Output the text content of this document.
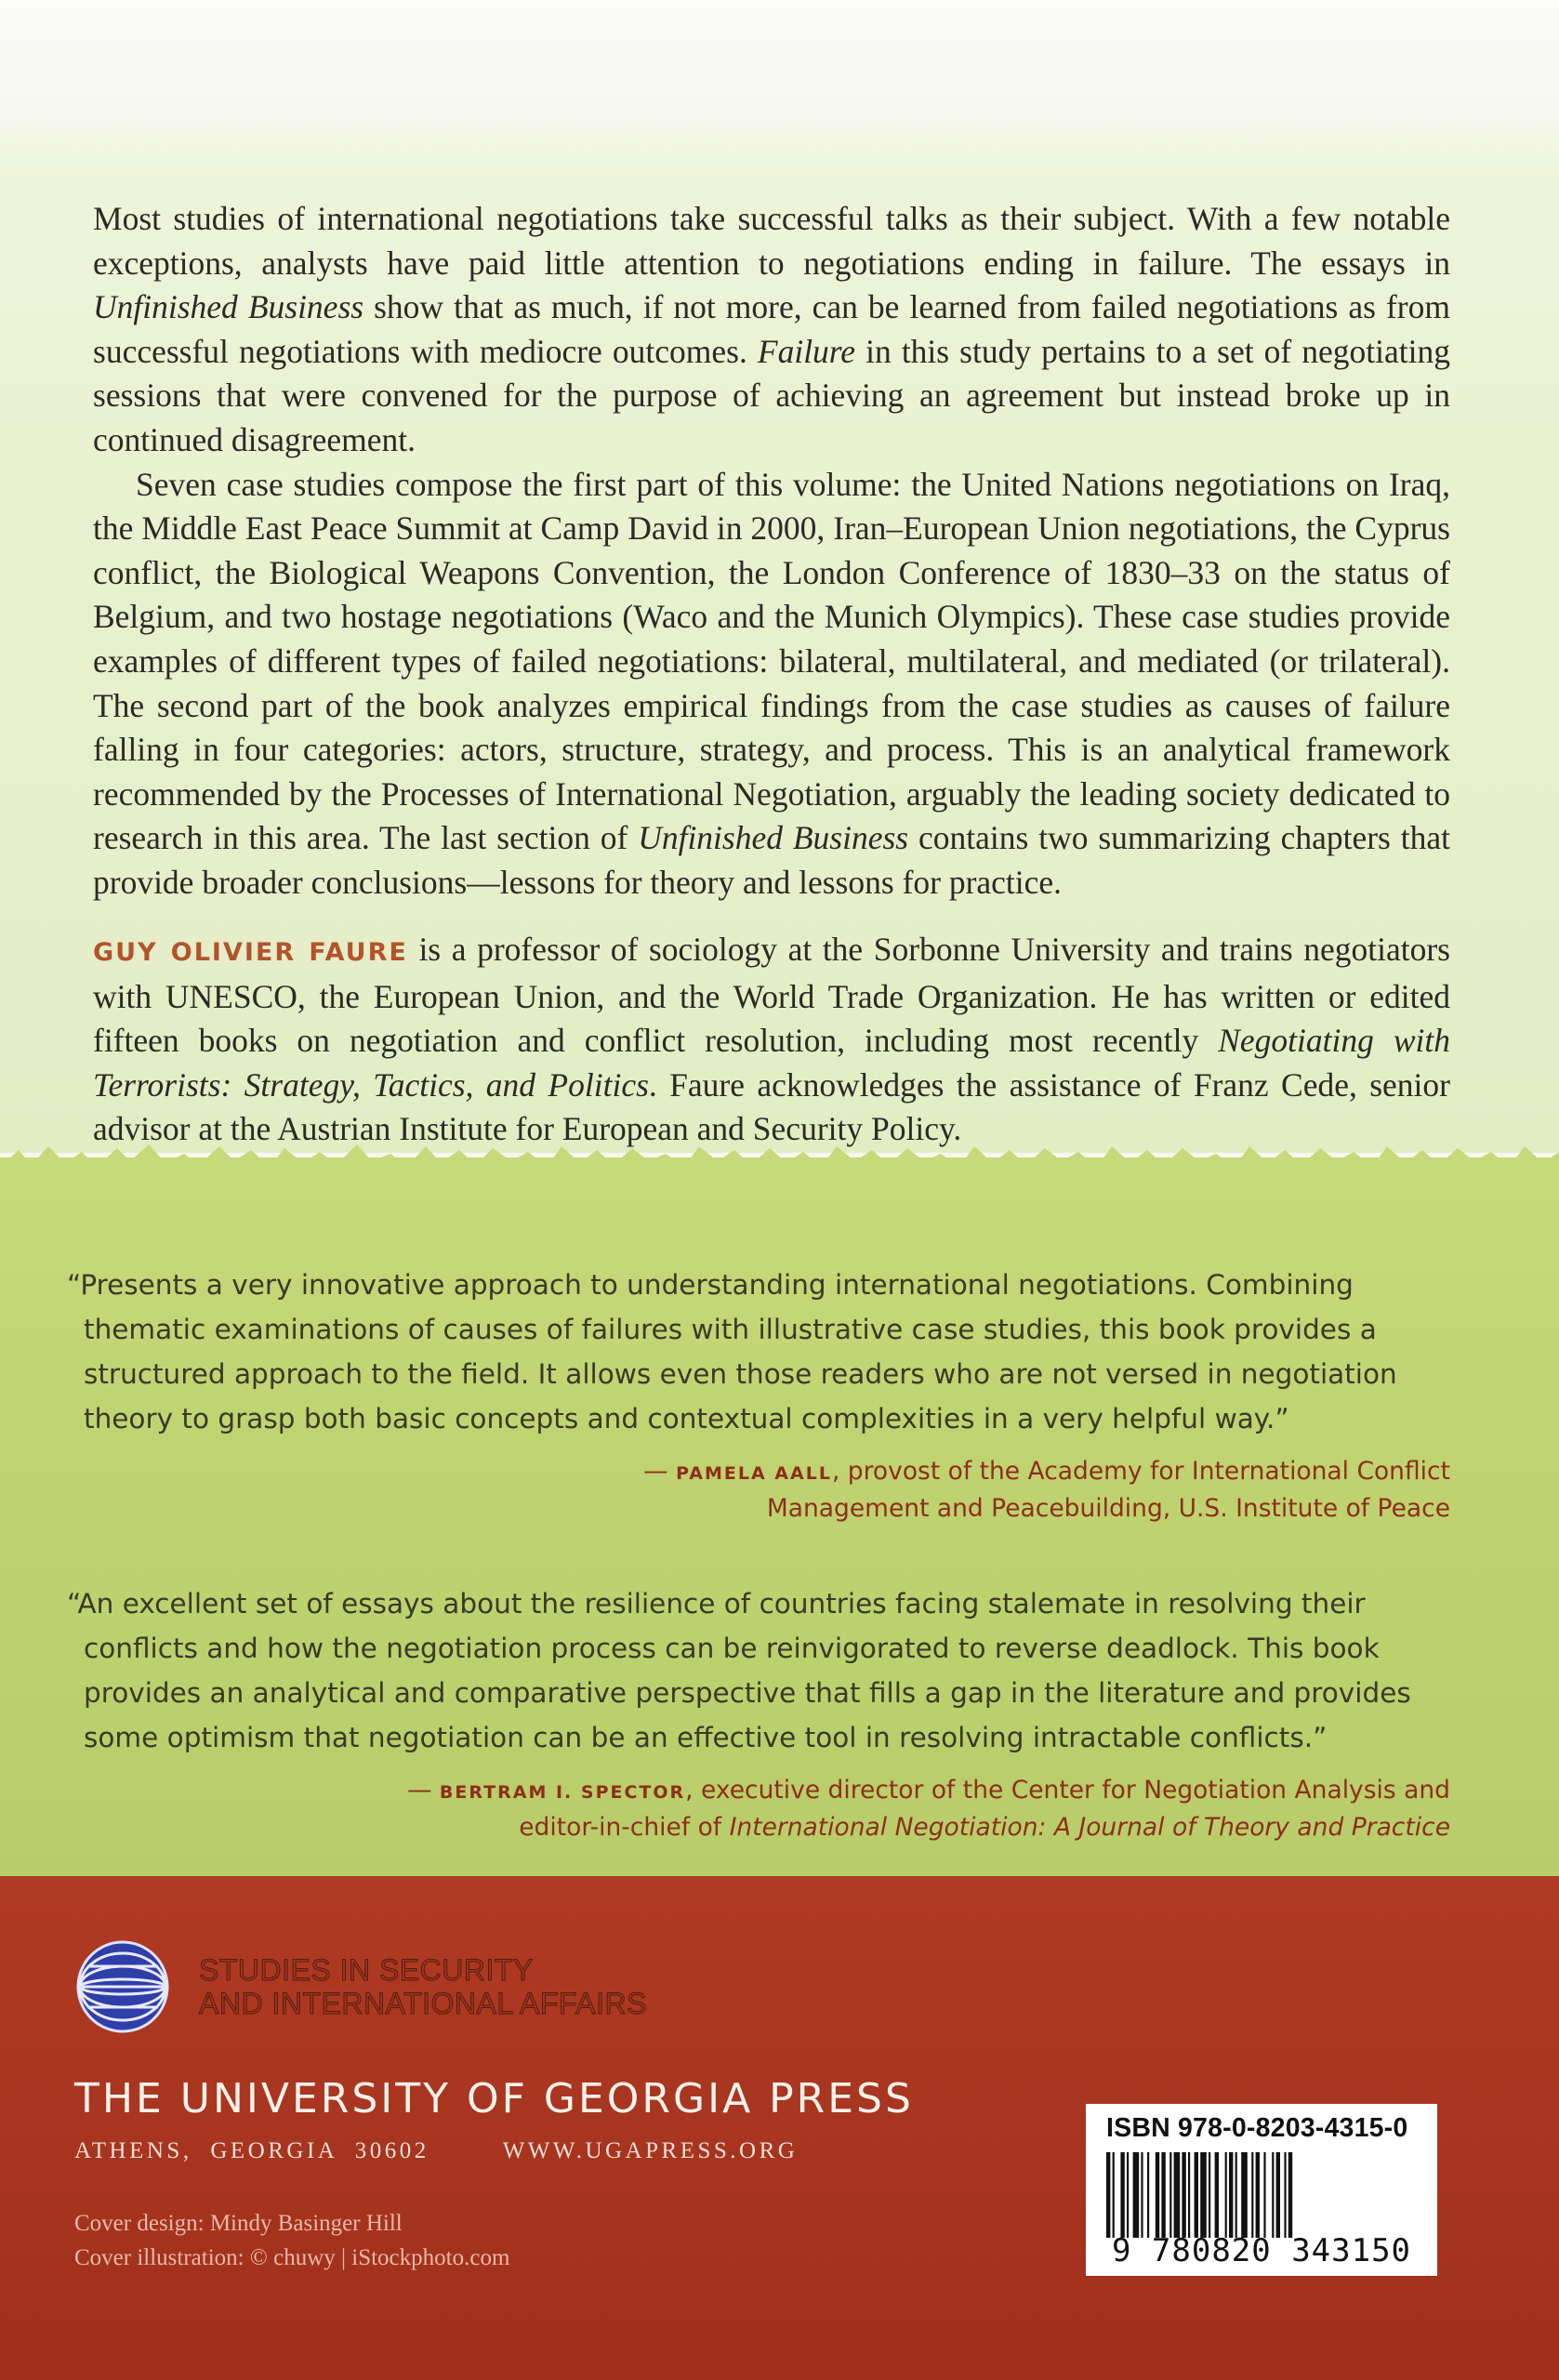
Most studies of international negotiations take successful talks as their subject. With a few notable exceptions, analysts have paid little attention to negotiations ending in failure. The essays in Unfinished Business show that as much, if not more, can be learned from failed negotiations as from successful negotiations with mediocre outcomes. Failure in this study pertains to a set of negotiating sessions that were convened for the purpose of achieving an agreement but instead broke up in continued disagreement.

Seven case studies compose the first part of this volume: the United Nations negotiations on Iraq, the Middle East Peace Summit at Camp David in 2000, Iran–European Union negotiations, the Cyprus conflict, the Biological Weapons Convention, the London Conference of 1830–33 on the status of Belgium, and two hostage negotiations (Waco and the Munich Olympics). These case studies provide examples of different types of failed negotiations: bilateral, multilateral, and mediated (or trilateral). The second part of the book analyzes empirical findings from the case studies as causes of failure falling in four categories: actors, structure, strategy, and process. This is an analytical framework recommended by the Processes of International Negotiation, arguably the leading society dedicated to research in this area. The last section of Unfinished Business contains two summarizing chapters that provide broader conclusions—lessons for theory and lessons for practice.

GUY OLIVIER FAURE is a professor of sociology at the Sorbonne University and trains negotiators with UNESCO, the European Union, and the World Trade Organization. He has written or edited fifteen books on negotiation and conflict resolution, including most recently Negotiating with Terrorists: Strategy, Tactics, and Politics. Faure acknowledges the assistance of Franz Cede, senior advisor at the Austrian Institute for European and Security Policy.
“Presents a very innovative approach to understanding international negotiations. Combining thematic examinations of causes of failures with illustrative case studies, this book provides a structured approach to the field. It allows even those readers who are not versed in negotiation theory to grasp both basic concepts and contextual complexities in a very helpful way.”
— PAMELA AALL, provost of the Academy for International Conflict
Management and Peacebuilding, U.S. Institute of Peace
“An excellent set of essays about the resilience of countries facing stalemate in resolving their conflicts and how the negotiation process can be reinvigorated to reverse deadlock. This book provides an analytical and comparative perspective that fills a gap in the literature and provides some optimism that negotiation can be an effective tool in resolving intractable conflicts.”
— BERTRAM I. SPECTOR, executive director of the Center for Negotiation Analysis and
editor-in-chief of International Negotiation: A Journal of Theory and Practice
STUDIES IN SECURITY
AND INTERNATIONAL AFFAIRS
THE UNIVERSITY OF GEORGIA PRESS
ATHENS, GEORGIA 30602	WWW.UGAPRESS.ORG
Cover design: Mindy Basinger Hill
Cover illustration: © chuwy | iStockphoto.com
ISBN 978-0-8203-4315-0
9 780820 343150
